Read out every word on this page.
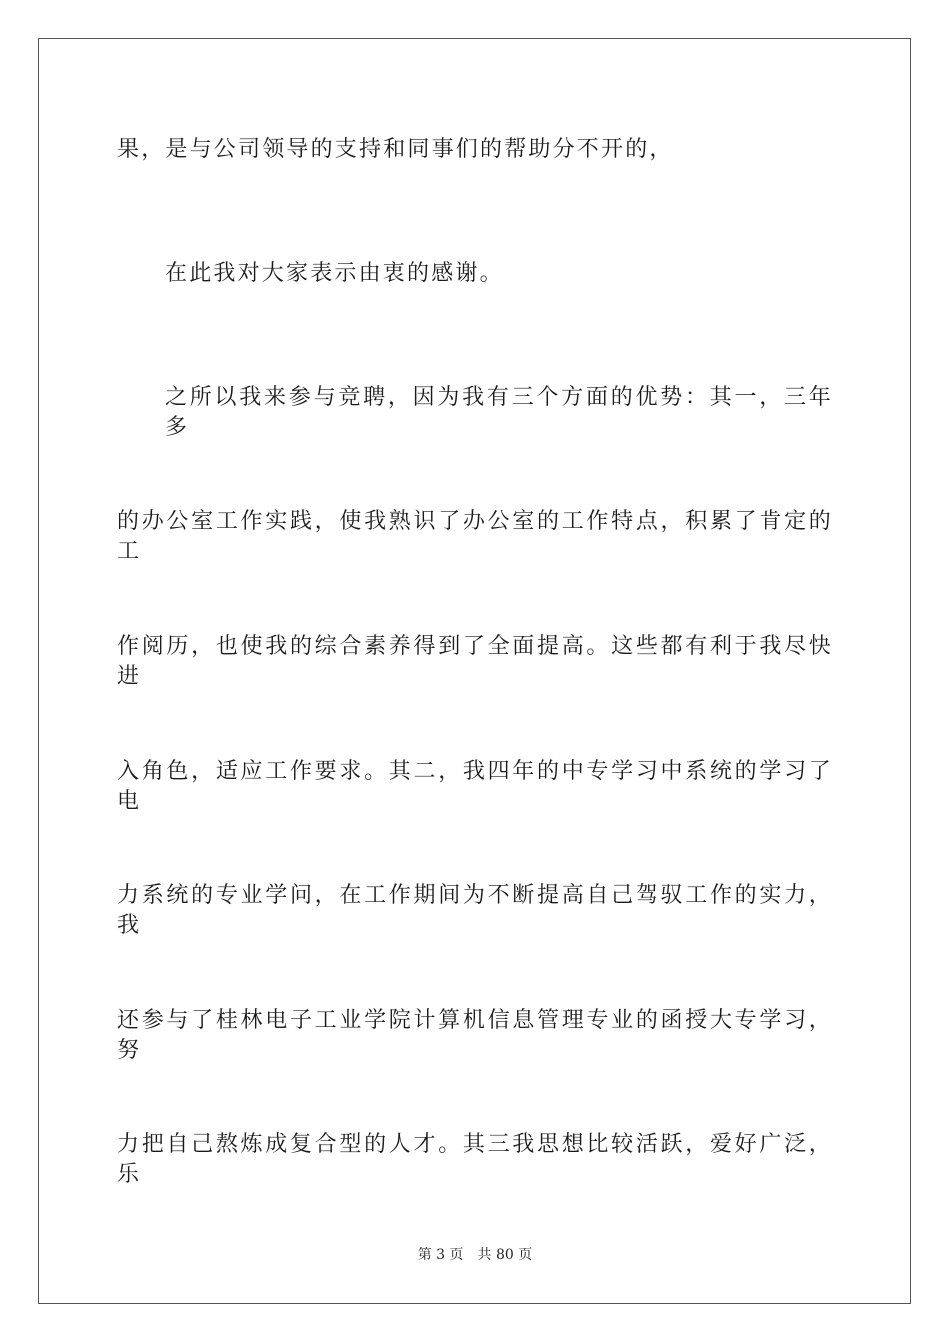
果，是与公司领导的支持和同事们的帮助分不开的，
在此我对大家表示由衷的感谢。
之所以我来参与竞聘，因为我有三个方面的优势：其一，三年多
的办公室工作实践，使我熟识了办公室的工作特点，积累了肯定的工
作阅历，也使我的综合素养得到了全面提高。这些都有利于我尽快进
入角色，适应工作要求。其二，我四年的中专学习中系统的学习了电
力系统的专业学问，在工作期间为不断提高自己驾驭工作的实力，我
还参与了桂林电子工业学院计算机信息管理专业的函授大专学习，努
力把自己熬炼成复合型的人才。其三我思想比较活跃，爱好广泛，乐
第 3 页 共 80 页
